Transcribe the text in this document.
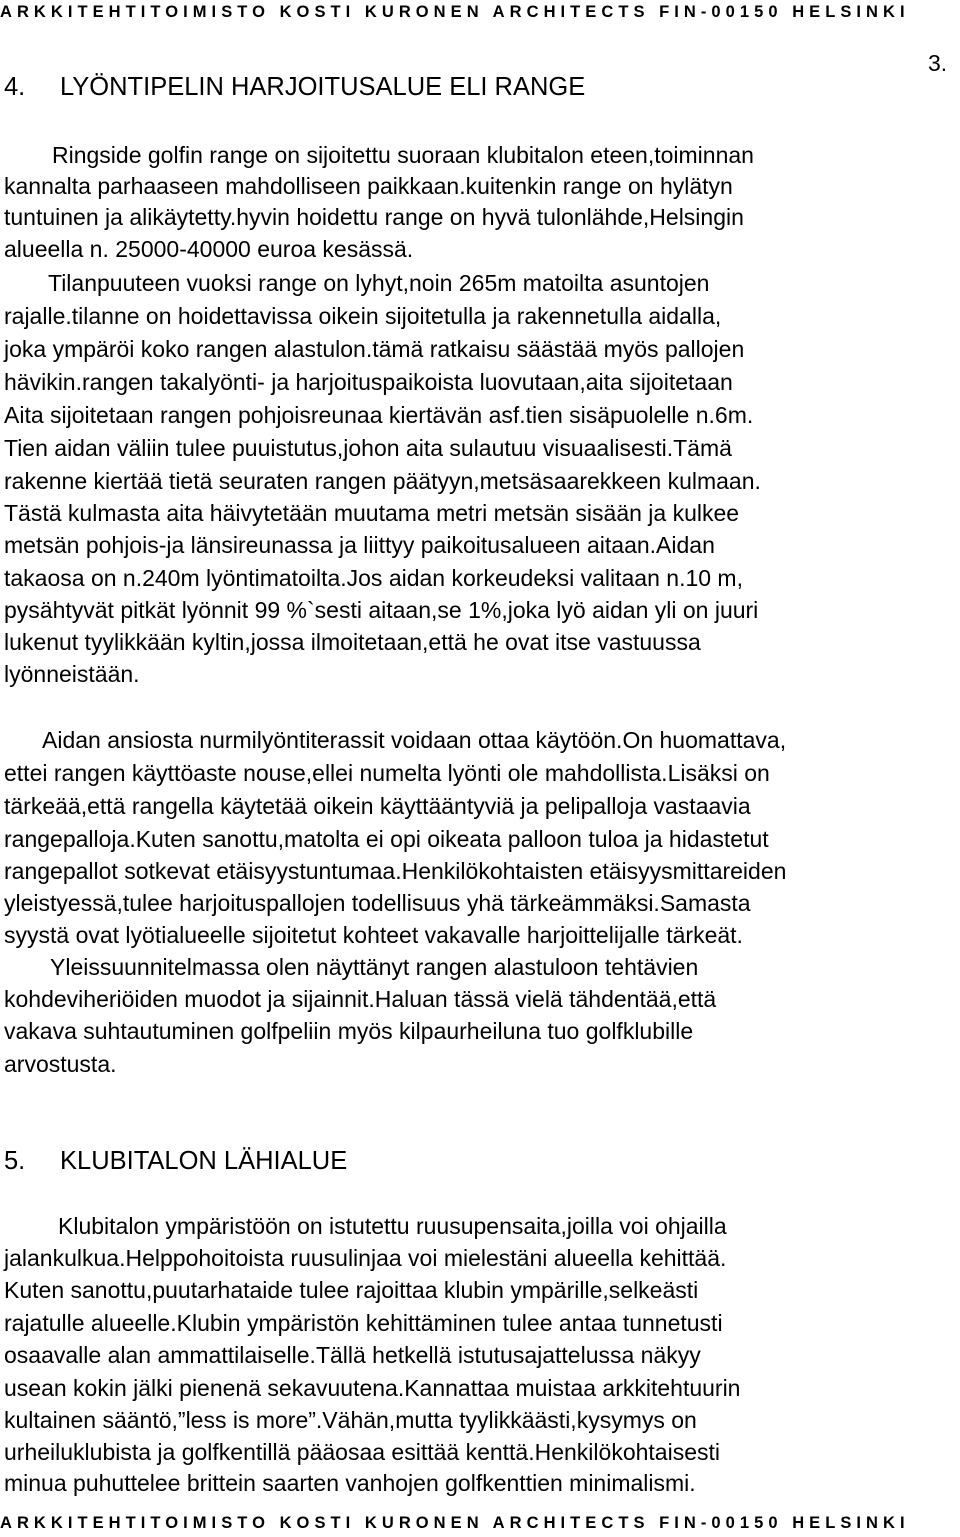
ARKKITEHTITOIMISTO KOSTI KURONEN ARCHITECTS FIN-00150 HELSINKI
3.
4. LYÖNTIPELIN HARJOITUSALUE ELI RANGE
Ringside golfin range on sijoitettu suoraan klubitalon eteen,toiminnan
kannalta parhaaseen mahdolliseen paikkaan.kuitenkin range on hylätyn
tuntuinen ja alikäytetty.hyvin hoidettu range on hyvä tulonlähde,Helsingin
alueella n. 25000-40000 euroa kesässä.
Tilanpuuteen vuoksi range on lyhyt,noin 265m matoilta asuntojen
rajalle.tilanne on hoidettavissa oikein sijoitetulla ja rakennetulla aidalla,
joka ympäröi koko rangen alastulon.tämä ratkaisu säästää myös pallojen
hävikin.rangen takalyönti- ja harjoituspaikoista luovutaan,aita sijoitetaan
Aita sijoitetaan rangen pohjoisreunaa kiertävän asf.tien sisäpuolelle n.6m.
Tien aidan väliin tulee puuistutus,johon aita sulautuu visuaalisesti.Tämä
rakenne kiertää tietä seuraten rangen päätyyn,metsäsaarekkeen kulmaan.
Tästä kulmasta aita häivytetään muutama metri metsän sisään ja kulkee
metsän pohjois-ja länsireunassa ja liittyy paikoitusalueen aitaan.Aidan
takaosa on n.240m lyöntimatoilta.Jos aidan korkeudeksi valitaan n.10 m,
pysähtyvät pitkät lyönnit 99 %`sesti aitaan,se 1%,joka lyö aidan yli on juuri
lukenut tyylikkään kyltin,jossa ilmoitetaan,että he ovat itse vastuussa
lyönneistään.
Aidan ansiosta nurmilyöntiterassit voidaan ottaa käytöön.On huomattava,
ettei rangen käyttöaste nouse,ellei numelta lyönti ole mahdollista.Lisäksi on
tärkeää,että rangella käytetää oikein käyttääntyviä ja pelipalloja vastaavia
rangepalloja.Kuten sanottu,matolta ei opi oikeata palloon tuloa ja hidastetut
rangepallot sotkevat etäisyystuntumaa.Henkilökohtaisten etäisyysmittareiden
yleistyessä,tulee harjoituspallojen todellisuus yhä tärkeämmäksi.Samasta
syystä ovat lyötialueelle sijoitetut kohteet vakavalle harjoittelijalle tärkeät.
Yleissuunnitelmassa olen näyttänyt rangen alastuloon tehtävien
kohdeviheriöiden muodot ja sijainnit.Haluan tässä vielä tähdentää,että
vakava suhtautuminen golfpeliin myös kilpaurheiluna tuo golfklubille
arvostusta.
5. KLUBITALON LÄHIALUE
Klubitalon ympäristöön on istutettu ruusupensaita,joilla voi ohjailla
jalankulkua.Helppohoitoista ruusulinjaa voi mielestäni alueella kehittää.
Kuten sanottu,puutarhataide tulee rajoittaa klubin ympärille,selkeästi
rajatulle alueelle.Klubin ympäristön kehittäminen tulee antaa tunnetusti
osaavalle alan ammattilaiselle.Tällä hetkellä istutusajattelussa näkyy
usean kokin jälki pienenä sekavuutena.Kannattaa muistaa arkkitehtuurin
kultainen sääntö,”less is more”.Vähän,mutta tyylikkäästi,kysymys on
urheiluklubista ja golfkentillä pääosaa esittää kenttä.Henkilökohtaisesti
minua puhuttelee brittein saarten vanhojen golfkenttien minimalismi.
ARKKITEHTITOIMISTO KOSTI KURONEN ARCHITECTS FIN-00150 HELSINKI
